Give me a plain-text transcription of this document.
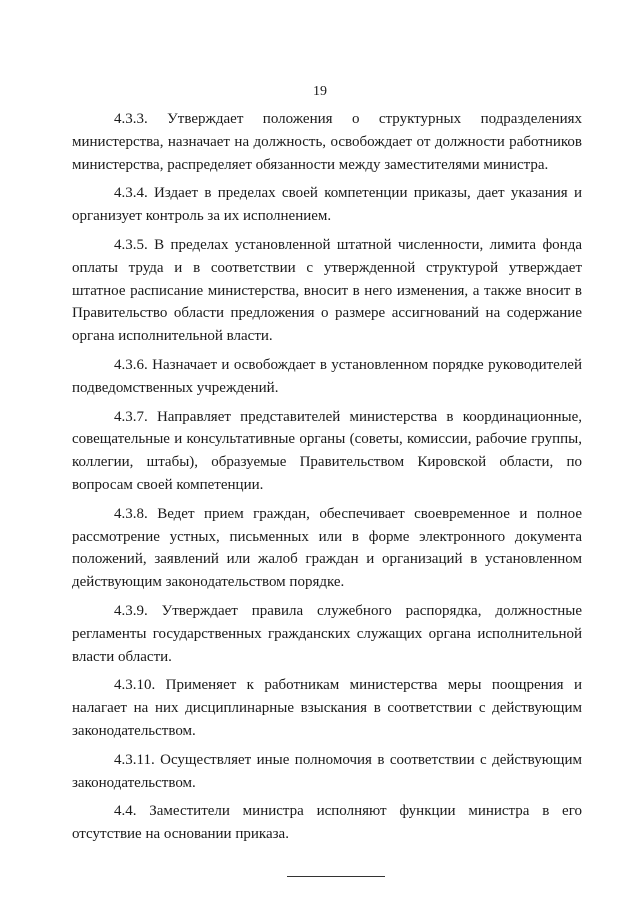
19

4.3.3. Утверждает положения о структурных подразделениях министерства, назначает на должность, освобождает от должности работников министерства, распределяет обязанности между заместителями министра.

4.3.4. Издает в пределах своей компетенции приказы, дает указания и организует контроль за их исполнением.

4.3.5. В пределах установленной штатной численности, лимита фонда оплаты труда и в соответствии с утвержденной структурой утверждает штатное расписание министерства, вносит в него изменения, а также вносит в Правительство области предложения о размере ассигнований на содержание органа исполнительной власти.

4.3.6. Назначает и освобождает в установленном порядке руководителей подведомственных учреждений.

4.3.7. Направляет представителей министерства в координационные, совещательные и консультативные органы (советы, комиссии, рабочие группы, коллегии, штабы), образуемые Правительством Кировской области, по вопросам своей компетенции.

4.3.8. Ведет прием граждан, обеспечивает своевременное и полное рассмотрение устных, письменных или в форме электронного документа положений, заявлений или жалоб граждан и организаций в установленном действующим законодательством порядке.

4.3.9. Утверждает правила служебного распорядка, должностные регламенты государственных гражданских служащих органа исполнительной власти области.

4.3.10. Применяет к работникам министерства меры поощрения и налагает на них дисциплинарные взыскания в соответствии с действующим законодательством.

4.3.11. Осуществляет иные полномочия в соответствии с действующим законодательством.

4.4. Заместители министра исполняют функции министра в его отсутствие на основании приказа.
